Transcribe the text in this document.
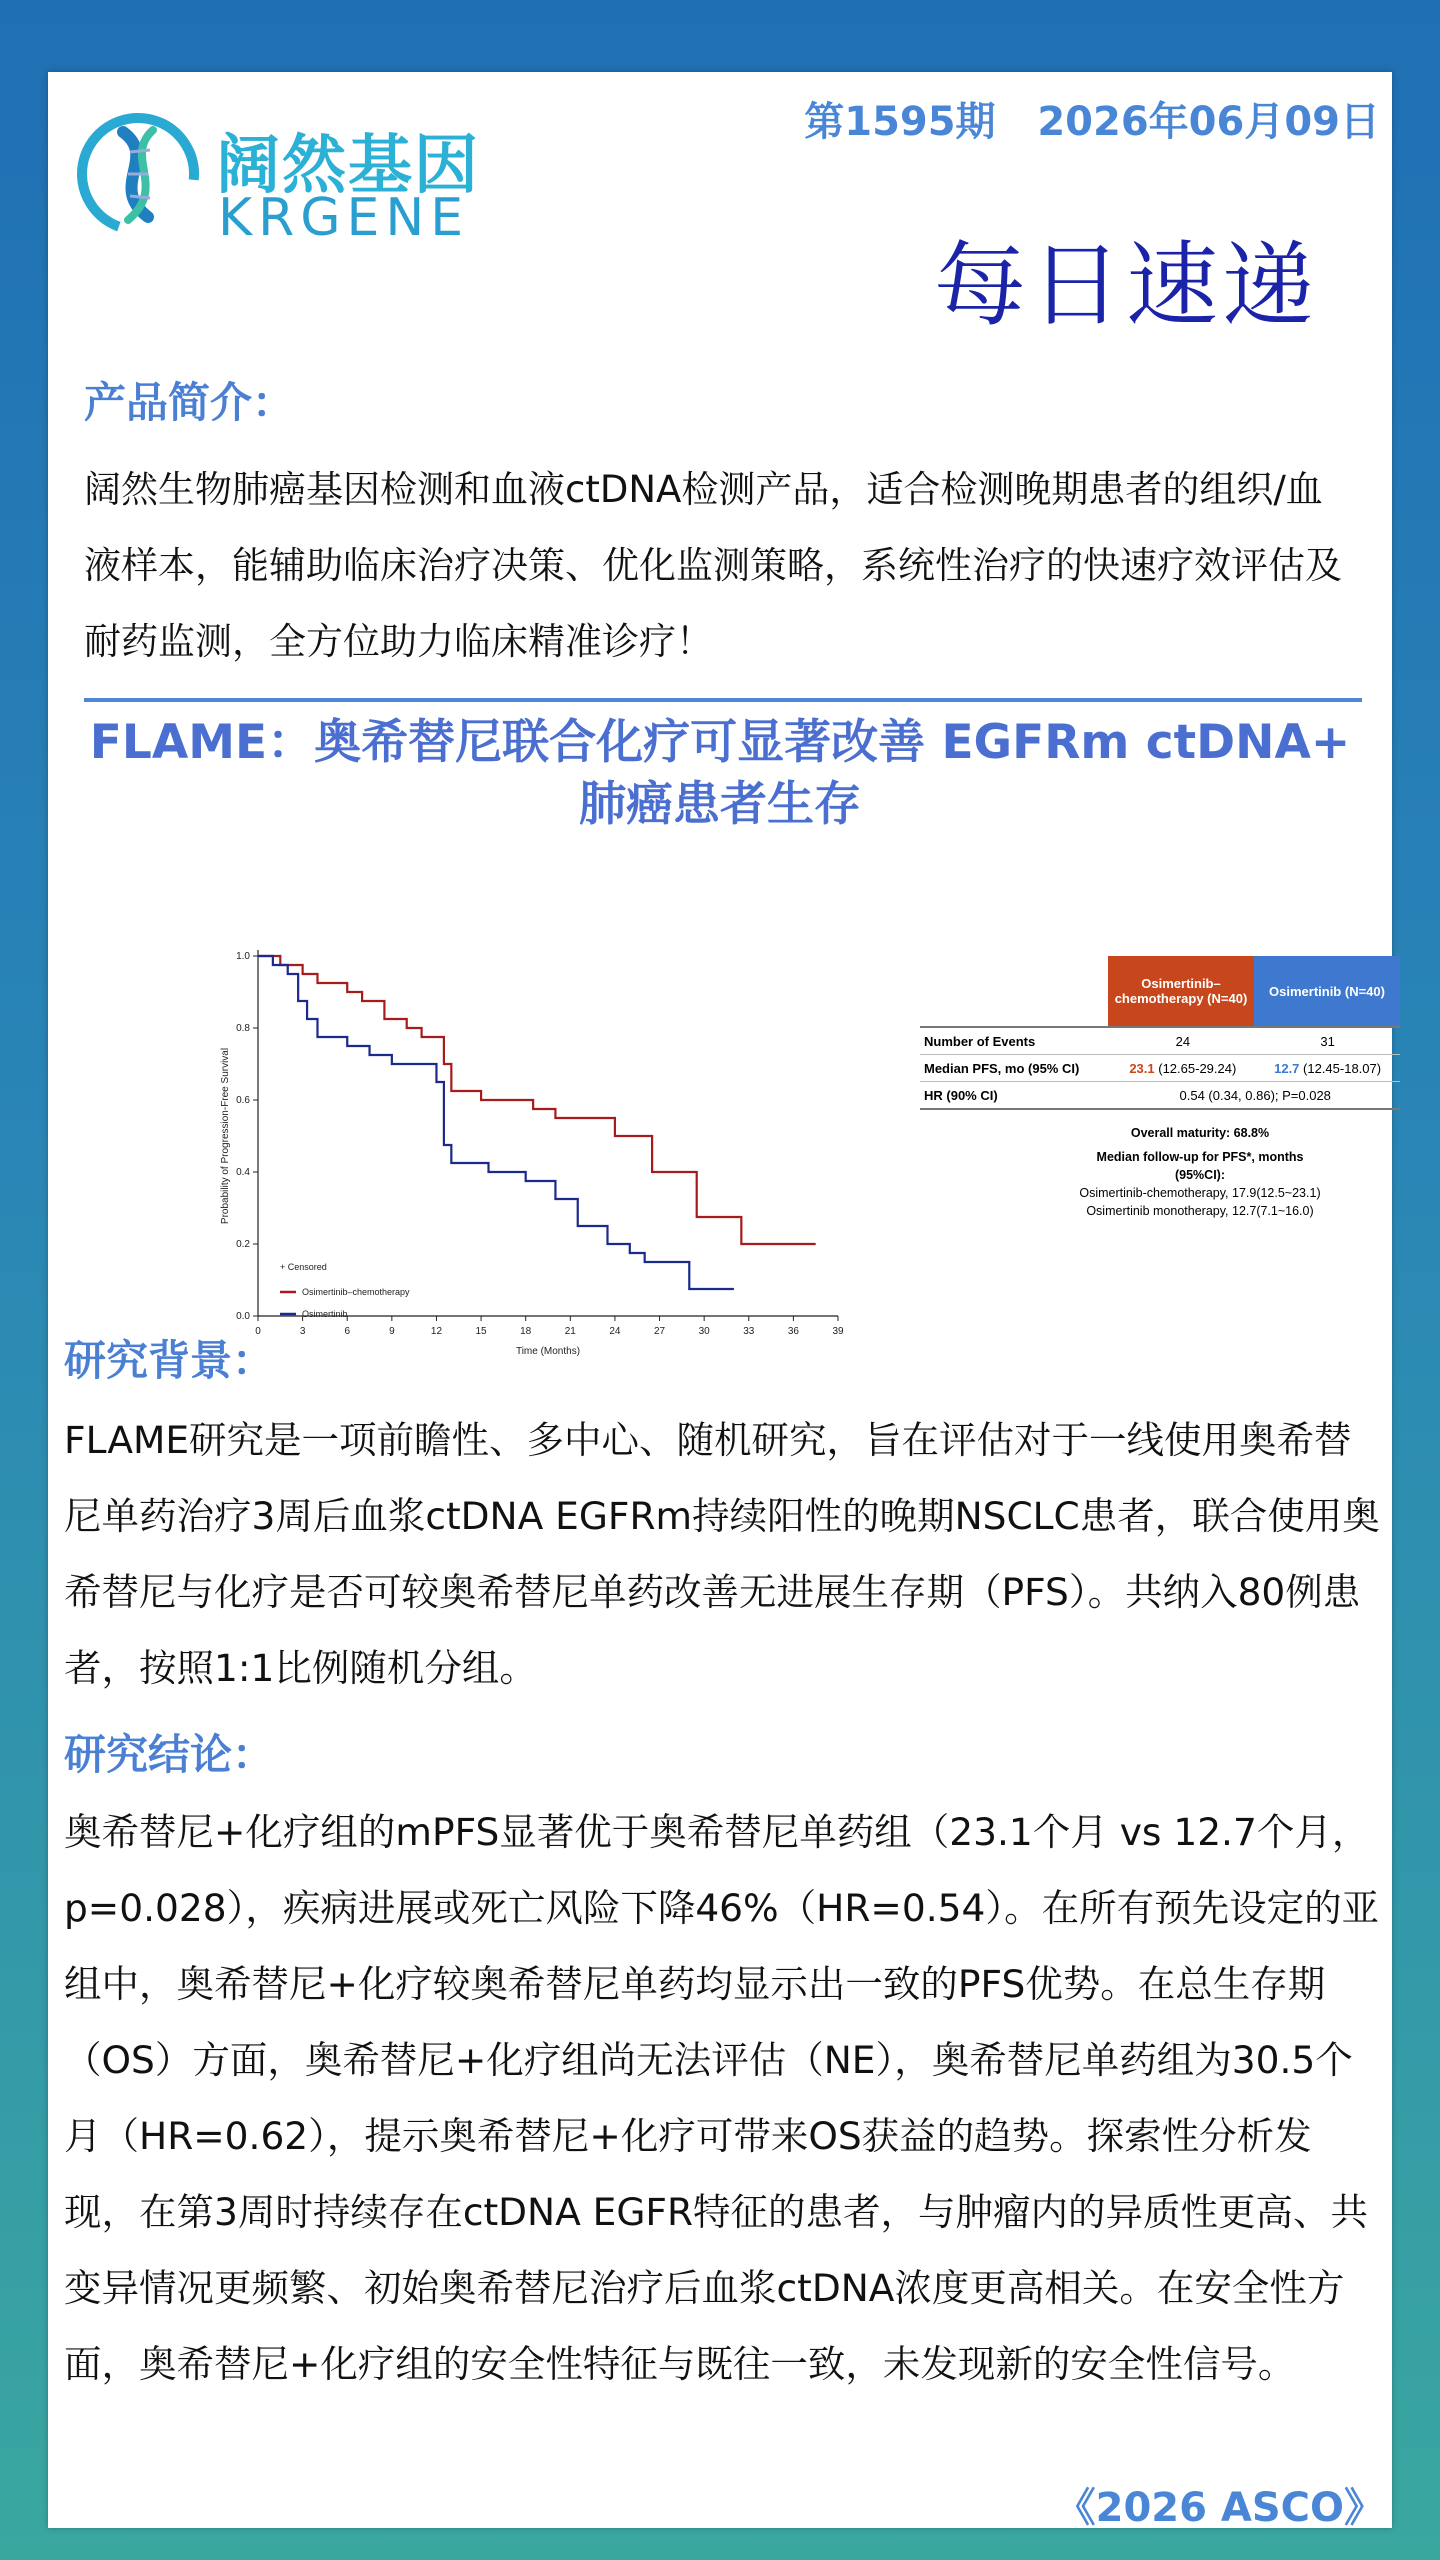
阔然基因
KRGENE
第1595期   2026年06月09日
每日速递
产品简介：
阔然生物肺癌基因检测和血液ctDNA检测产品，适合检测晚期患者的组织/血液样本，能辅助临床治疗决策、优化监测策略，系统性治疗的快速疗效评估及耐药监测，全方位助力临床精准诊疗！
FLAME：奥希替尼联合化疗可显著改善 EGFRm ctDNA+
肺癌患者生存
0	3	6	9	12	15	18	21	24	27	30	33	36	39
0.0
0.2
0.4
0.6
0.8
1.0
Time (Months)
Probability of Progression-Free Survival
+ Censored
Osimertinib–chemotherapy
Osimertinib
Osimertinib–chemotherapy (N=40)	Osimertinib (N=40)
Number of Events	24	31
Median PFS, mo (95% CI)	23.1 (12.65-29.24)	12.7 (12.45-18.07)
HR (90% CI)	0.54 (0.34, 0.86); P=0.028
Overall maturity: 68.8%
Median follow-up for PFS*, months (95%CI):
Osimertinib-chemotherapy, 17.9(12.5~23.1)
Osimertinib monotherapy, 12.7(7.1~16.0)
研究背景：
FLAME研究是一项前瞻性、多中心、随机研究，旨在评估对于一线使用奥希替尼单药治疗3周后血浆ctDNA EGFRm持续阳性的晚期NSCLC患者，联合使用奥希替尼与化疗是否可较奥希替尼单药改善无进展生存期（PFS）。共纳入80例患者，按照1:1比例随机分组。
研究结论：
奥希替尼+化疗组的mPFS显著优于奥希替尼单药组（23.1个月 vs 12.7个月，p=0.028），疾病进展或死亡风险下降46%（HR=0.54）。在所有预先设定的亚组中，奥希替尼+化疗较奥希替尼单药均显示出一致的PFS优势。在总生存期（OS）方面，奥希替尼+化疗组尚无法评估（NE），奥希替尼单药组为30.5个月（HR=0.62），提示奥希替尼+化疗可带来OS获益的趋势。探索性分析发现，在第3周时持续存在ctDNA EGFR特征的患者，与肿瘤内的异质性更高、共变异情况更频繁、初始奥希替尼治疗后血浆ctDNA浓度更高相关。在安全性方面，奥希替尼+化疗组的安全性特征与既往一致，未发现新的安全性信号。
《2026 ASCO》
